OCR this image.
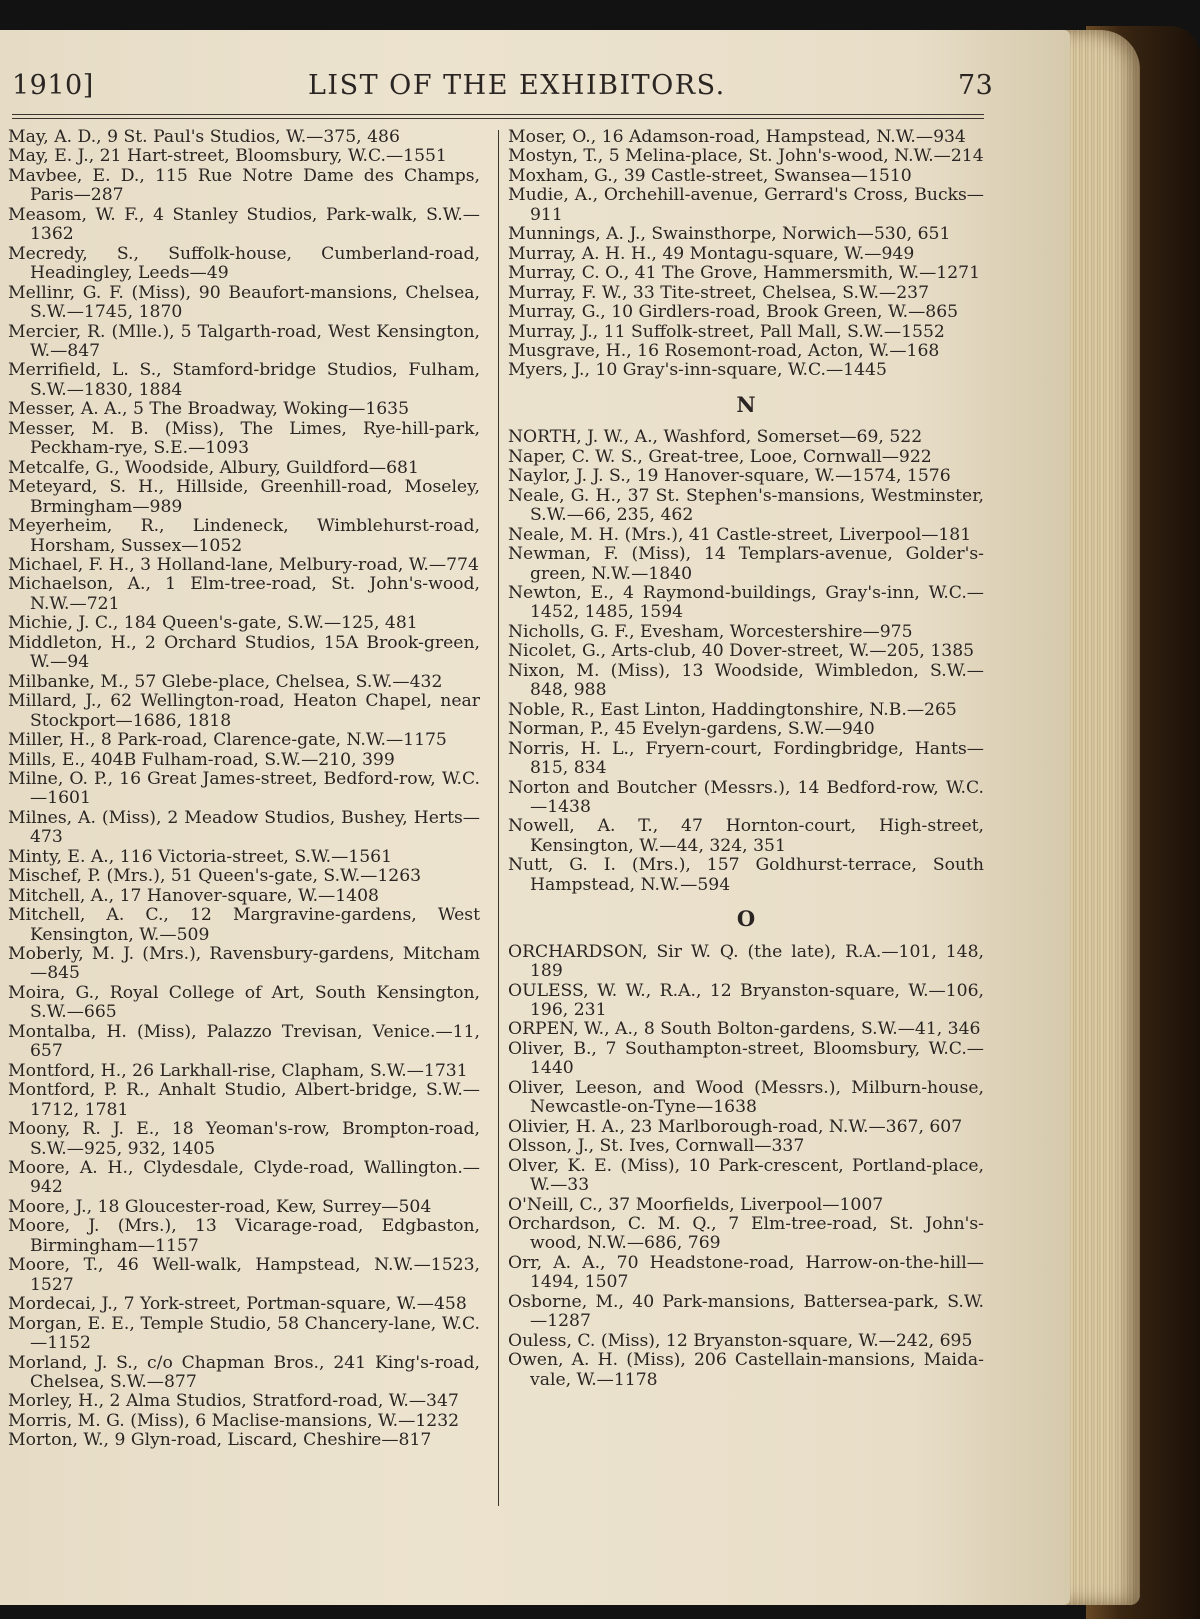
1910]	LIST OF THE EXHIBITORS.	73

May, A. D., 9 St. Paul's Studios, W.—375, 486

May, E. J., 21 Hart-street, Bloomsbury, W.C.—1551

Mavbee, E. D., 115 Rue Notre Dame des Champs, Paris—287

Measom, W. F., 4 Stanley Studios, Park-walk, S.W.—1362

Mecredy, S., Suffolk-house, Cumberland-road, Headingley, Leeds—49

Mellinr, G. F. (Miss), 90 Beaufort-mansions, Chelsea, S.W.—1745, 1870

Mercier, R. (Mlle.), 5 Talgarth-road, West Kensington, W.—847

Merrifield, L. S., Stamford-bridge Studios, Fulham, S.W.—1830, 1884

Messer, A. A., 5 The Broadway, Woking—1635

Messer, M. B. (Miss), The Limes, Rye-hill-park, Peckham-rye, S.E.—1093

Metcalfe, G., Woodside, Albury, Guildford—681

Meteyard, S. H., Hillside, Greenhill-road, Moseley, Brmingham—989

Meyerheim, R., Lindeneck, Wimblehurst-road, Horsham, Sussex—1052

Michael, F. H., 3 Holland-lane, Melbury-road, W.—774

Michaelson, A., 1 Elm-tree-road, St. John's-wood, N.W.—721

Michie, J. C., 184 Queen's-gate, S.W.—125, 481

Middleton, H., 2 Orchard Studios, 15A Brook-green, W.—94

Milbanke, M., 57 Glebe-place, Chelsea, S.W.—432

Millard, J., 62 Wellington-road, Heaton Chapel, near Stockport—1686, 1818

Miller, H., 8 Park-road, Clarence-gate, N.W.—1175

Mills, E., 404B Fulham-road, S.W.—210, 399

Milne, O. P., 16 Great James-street, Bedford-row, W.C.—1601

Milnes, A. (Miss), 2 Meadow Studios, Bushey, Herts—473

Minty, E. A., 116 Victoria-street, S.W.—1561

Mischef, P. (Mrs.), 51 Queen's-gate, S.W.—1263

Mitchell, A., 17 Hanover-square, W.—1408

Mitchell, A. C., 12 Margravine-gardens, West Kensington, W.—509

Moberly, M. J. (Mrs.), Ravensbury-gardens, Mitcham—845

Moira, G., Royal College of Art, South Kensington, S.W.—665

Montalba, H. (Miss), Palazzo Trevisan, Venice.—11, 657

Montford, H., 26 Larkhall-rise, Clapham, S.W.—1731

Montford, P. R., Anhalt Studio, Albert-bridge, S.W.—1712, 1781

Moony, R. J. E., 18 Yeoman's-row, Brompton-road, S.W.—925, 932, 1405

Moore, A. H., Clydesdale, Clyde-road, Wallington.—942

Moore, J., 18 Gloucester-road, Kew, Surrey—504

Moore, J. (Mrs.), 13 Vicarage-road, Edgbaston, Birmingham—1157

Moore, T., 46 Well-walk, Hampstead, N.W.—1523, 1527

Mordecai, J., 7 York-street, Portman-square, W.—458

Morgan, E. E., Temple Studio, 58 Chancery-lane, W.C.—1152

Morland, J. S., c/o Chapman Bros., 241 King's-road, Chelsea, S.W.—877

Morley, H., 2 Alma Studios, Stratford-road, W.—347

Morris, M. G. (Miss), 6 Maclise-mansions, W.—1232

Morton, W., 9 Glyn-road, Liscard, Cheshire—817

Moser, O., 16 Adamson-road, Hampstead, N.W.—934

Mostyn, T., 5 Melina-place, St. John's-wood, N.W.—214

Moxham, G., 39 Castle-street, Swansea—1510

Mudie, A., Orchehill-avenue, Gerrard's Cross, Bucks—911

Munnings, A. J., Swainsthorpe, Norwich—530, 651

Murray, A. H. H., 49 Montagu-square, W.—949

Murray, C. O., 41 The Grove, Hammersmith, W.—1271

Murray, F. W., 33 Tite-street, Chelsea, S.W.—237

Murray, G., 10 Girdlers-road, Brook Green, W.—865

Murray, J., 11 Suffolk-street, Pall Mall, S.W.—1552

Musgrave, H., 16 Rosemont-road, Acton, W.—168

Myers, J., 10 Gray's-inn-square, W.C.—1445

N

NORTH, J. W., A., Washford, Somerset—69, 522

Naper, C. W. S., Great-tree, Looe, Cornwall—922

Naylor, J. J. S., 19 Hanover-square, W.—1574, 1576

Neale, G. H., 37 St. Stephen's-mansions, Westminster, S.W.—66, 235, 462

Neale, M. H. (Mrs.), 41 Castle-street, Liverpool—181

Newman, F. (Miss), 14 Templars-avenue, Golder's-green, N.W.—1840

Newton, E., 4 Raymond-buildings, Gray's-inn, W.C.—1452, 1485, 1594

Nicholls, G. F., Evesham, Worcestershire—975

Nicolet, G., Arts-club, 40 Dover-street, W.—205, 1385

Nixon, M. (Miss), 13 Woodside, Wimbledon, S.W.—848, 988

Noble, R., East Linton, Haddingtonshire, N.B.—265

Norman, P., 45 Evelyn-gardens, S.W.—940

Norris, H. L., Fryern-court, Fordingbridge, Hants—815, 834

Norton and Boutcher (Messrs.), 14 Bedford-row, W.C.—1438

Nowell, A. T., 47 Hornton-court, High-street, Kensington, W.—44, 324, 351

Nutt, G. I. (Mrs.), 157 Goldhurst-terrace, South Hampstead, N.W.—594

O

ORCHARDSON, Sir W. Q. (the late), R.A.—101, 148, 189

OULESS, W. W., R.A., 12 Bryanston-square, W.—106, 196, 231

ORPEN, W., A., 8 South Bolton-gardens, S.W.—41, 346

Oliver, B., 7 Southampton-street, Bloomsbury, W.C.—1440

Oliver, Leeson, and Wood (Messrs.), Milburn-house, Newcastle-on-Tyne—1638

Olivier, H. A., 23 Marlborough-road, N.W.—367, 607

Olsson, J., St. Ives, Cornwall—337

Olver, K. E. (Miss), 10 Park-crescent, Portland-place, W.—33

O'Neill, C., 37 Moorfields, Liverpool—1007

Orchardson, C. M. Q., 7 Elm-tree-road, St. John's-wood, N.W.—686, 769

Orr, A. A., 70 Headstone-road, Harrow-on-the-hill—1494, 1507

Osborne, M., 40 Park-mansions, Battersea-park, S.W.—1287

Ouless, C. (Miss), 12 Bryanston-square, W.—242, 695

Owen, A. H. (Miss), 206 Castellain-mansions, Maida-vale, W.—1178
